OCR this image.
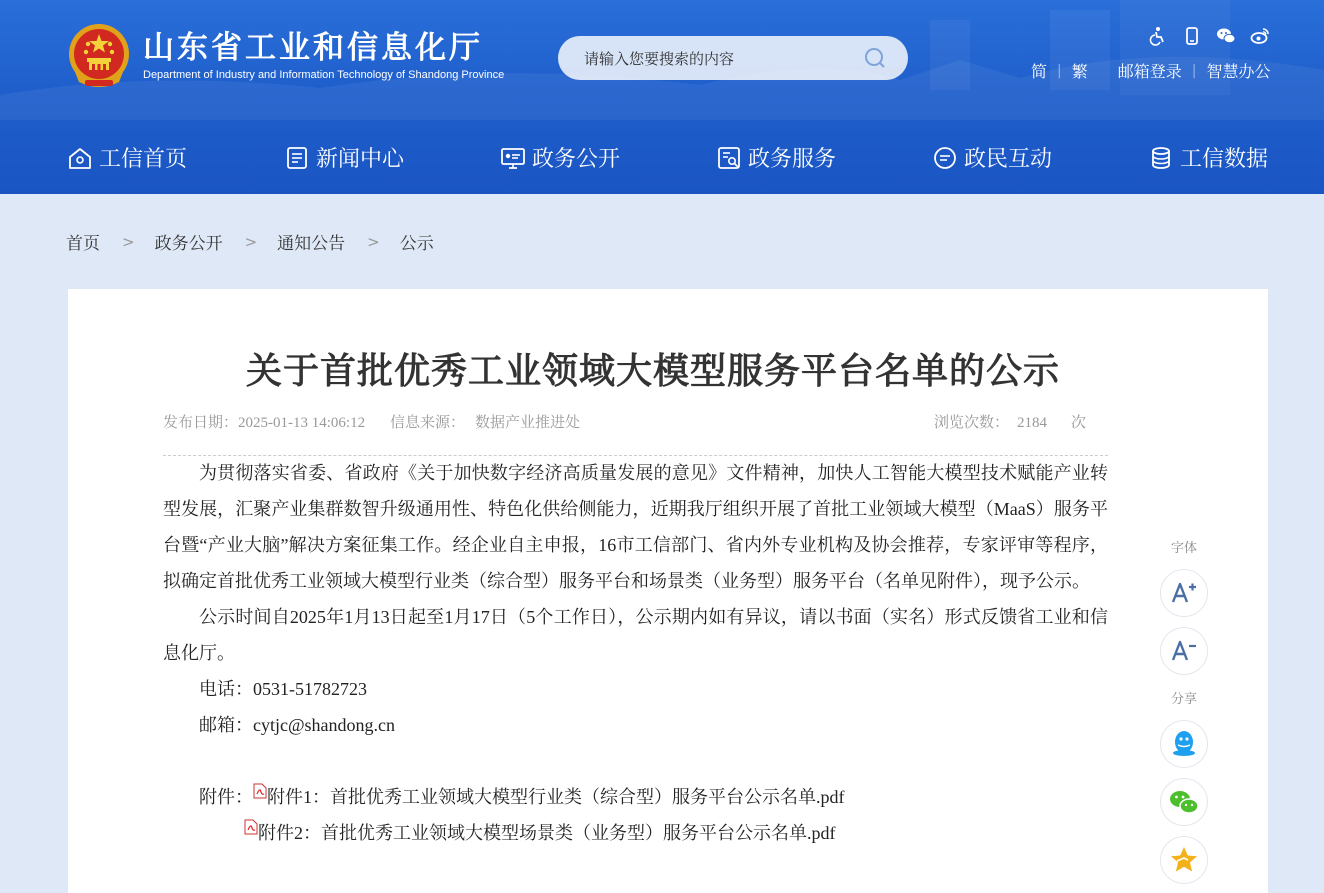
山东省工业和信息化厅
Department of Industry and Information Technology of Shandong Province
请输入您要搜索的内容
简 | 繁 邮箱登录 | 智慧办公
工信首页	新闻中心	政务公开	政务服务	政民互动	工信数据
首页 > 政务公开 > 通知公告 > 公示
关于首批优秀工业领域大模型服务平台名单的公示
发布日期：2025-01-13 14:06:12 信息来源： 数据产业推进处	浏览次数： 2184 次

为贯彻落实省委、省政府《关于加快数字经济高质量发展的意见》文件精神，加快人工智能大模型技术赋能产业转型发展，汇聚产业集群数智升级通用性、特色化供给侧能力，近期我厅组织开展了首批工业领域大模型（MaaS）服务平台暨“产业大脑”解决方案征集工作。经企业自主申报，16市工信部门、省内外专业机构及协会推荐，专家评审等程序，拟确定首批优秀工业领域大模型行业类（综合型）服务平台和场景类（业务型）服务平台（名单见附件），现予公示。

公示时间自2025年1月13日起至1月17日（5个工作日），公示期内如有异议，请以书面（实名）形式反馈省工业和信息化厅。

电话：0531-51782723
邮箱：cytjc@shandong.cn
附件： 附件1：首批优秀工业领域大模型行业类（综合型）服务平台公示名单.pdf
附件2：首批优秀工业领域大模型场景类（业务型）服务平台公示名单.pdf
字体
分享
